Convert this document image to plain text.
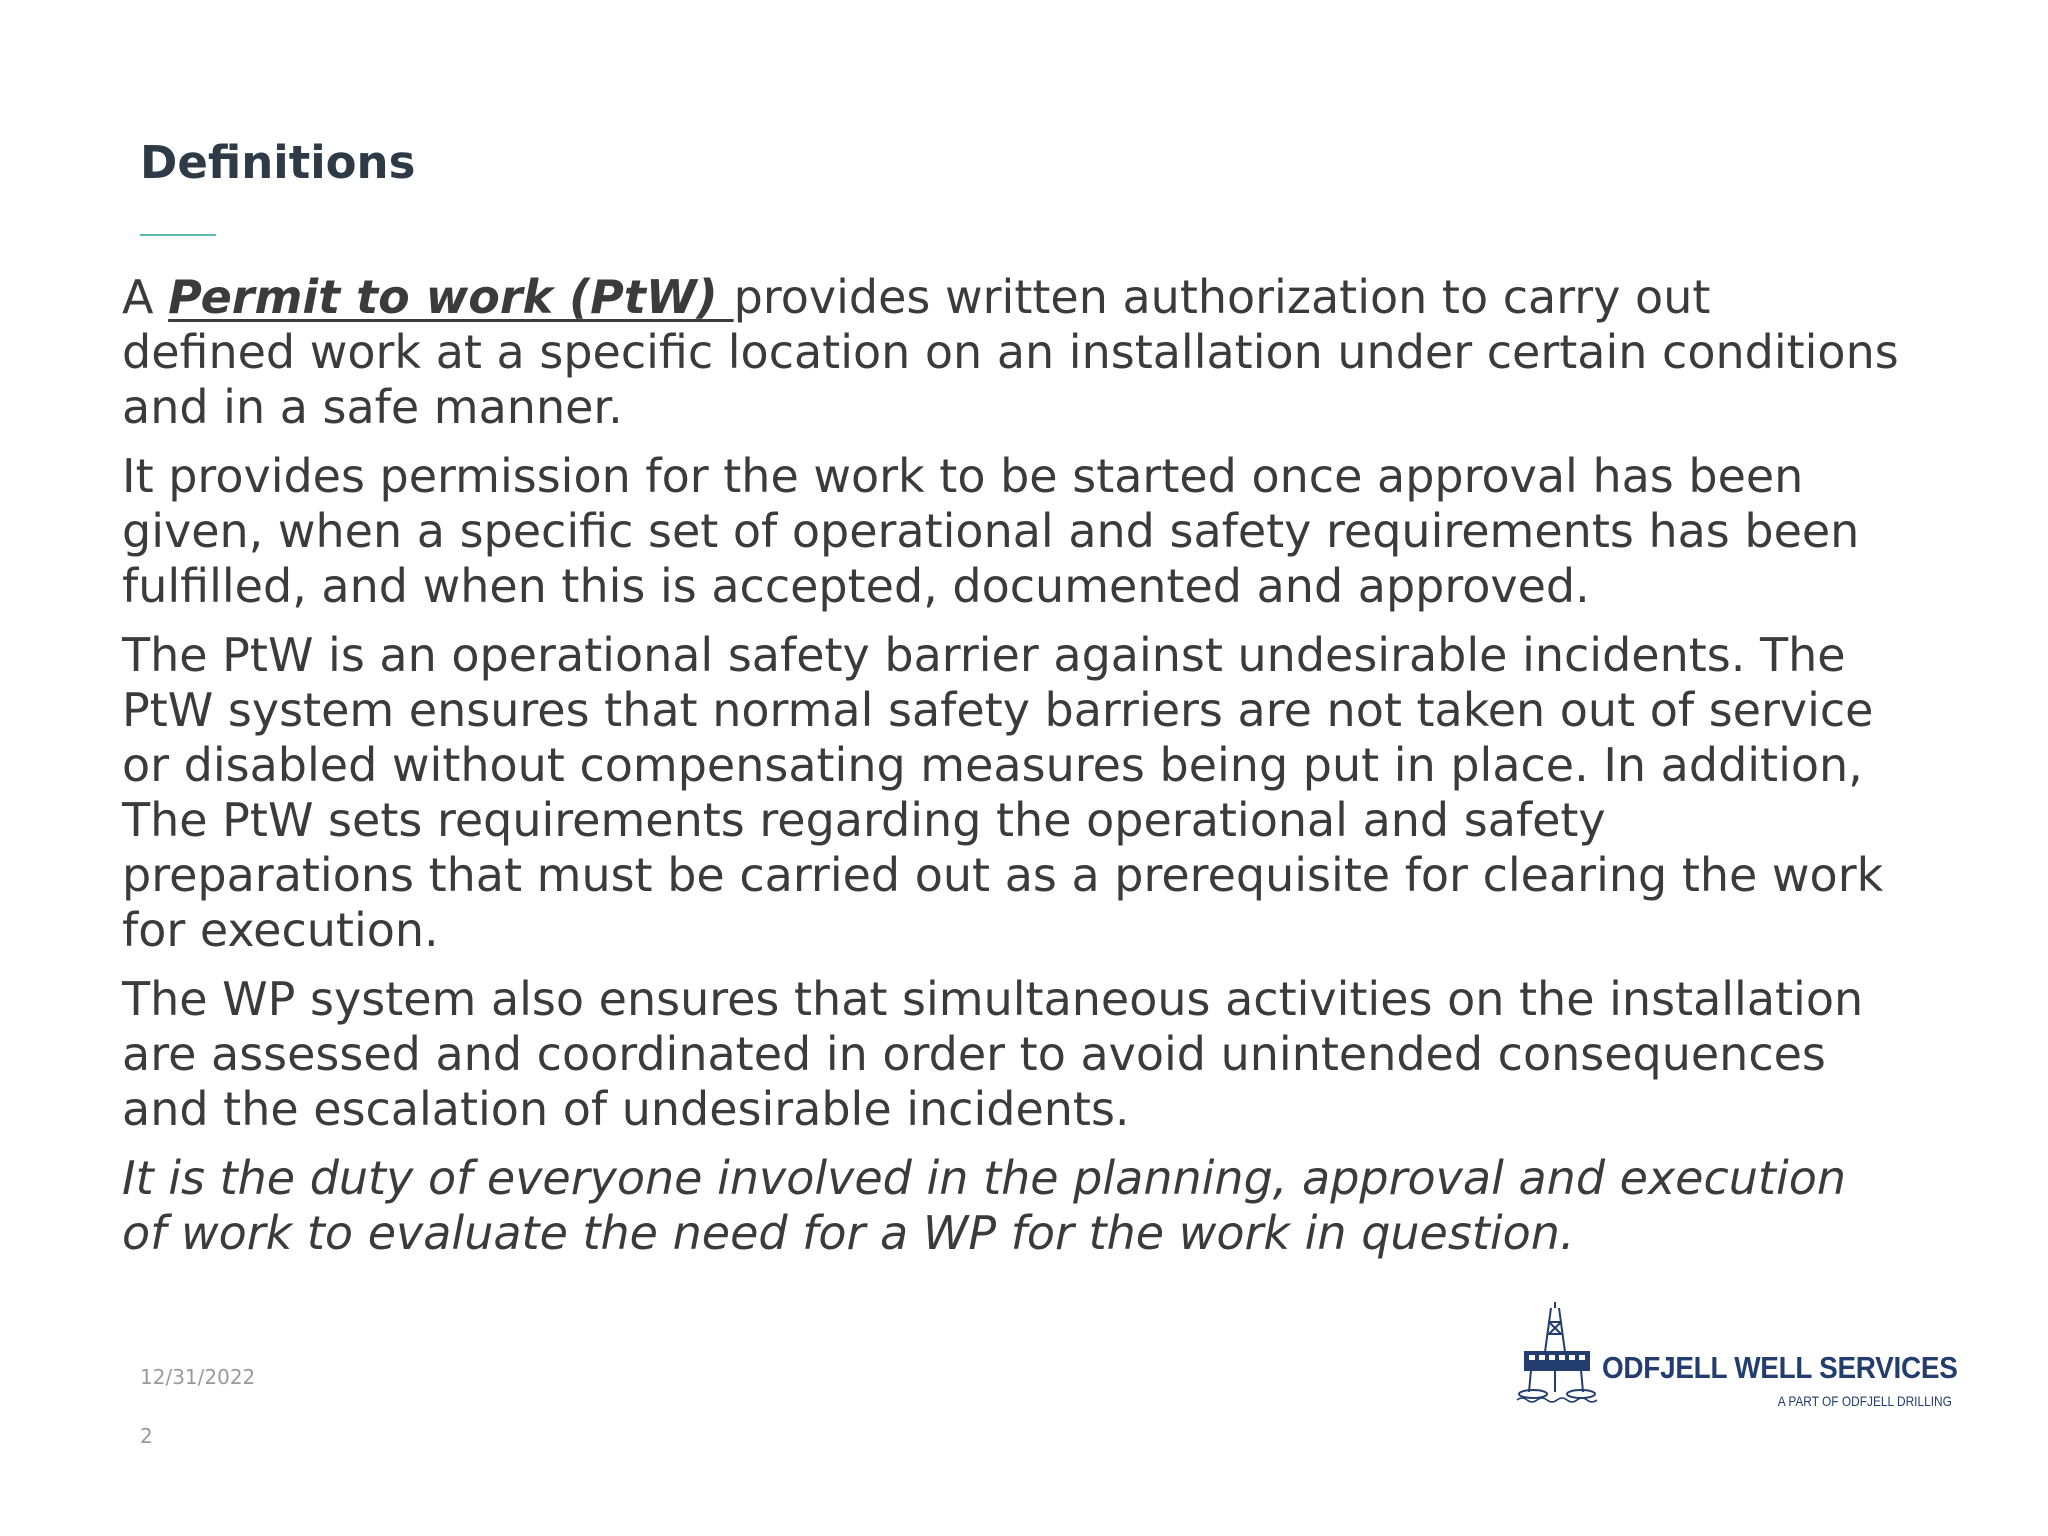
Definitions

A Permit to work (PtW) provides written authorization to carry out
defined work at a specific location on an installation under certain conditions
and in a safe manner.

It provides permission for the work to be started once approval has been
given, when a specific set of operational and safety requirements has been
fulfilled, and when this is accepted, documented and approved.

The PtW is an operational safety barrier against undesirable incidents. The
PtW system ensures that normal safety barriers are not taken out of service
or disabled without compensating measures being put in place. In addition,
The PtW sets requirements regarding the operational and safety
preparations that must be carried out as a prerequisite for clearing the work
for execution.

The WP system also ensures that simultaneous activities on the installation
are assessed and coordinated in order to avoid unintended consequences
and the escalation of undesirable incidents.

It is the duty of everyone involved in the planning, approval and execution
of work to evaluate the need for a WP for the work in question.

12/31/2022
2
ODFJELL WELL SERVICES
A PART OF ODFJELL DRILLING
